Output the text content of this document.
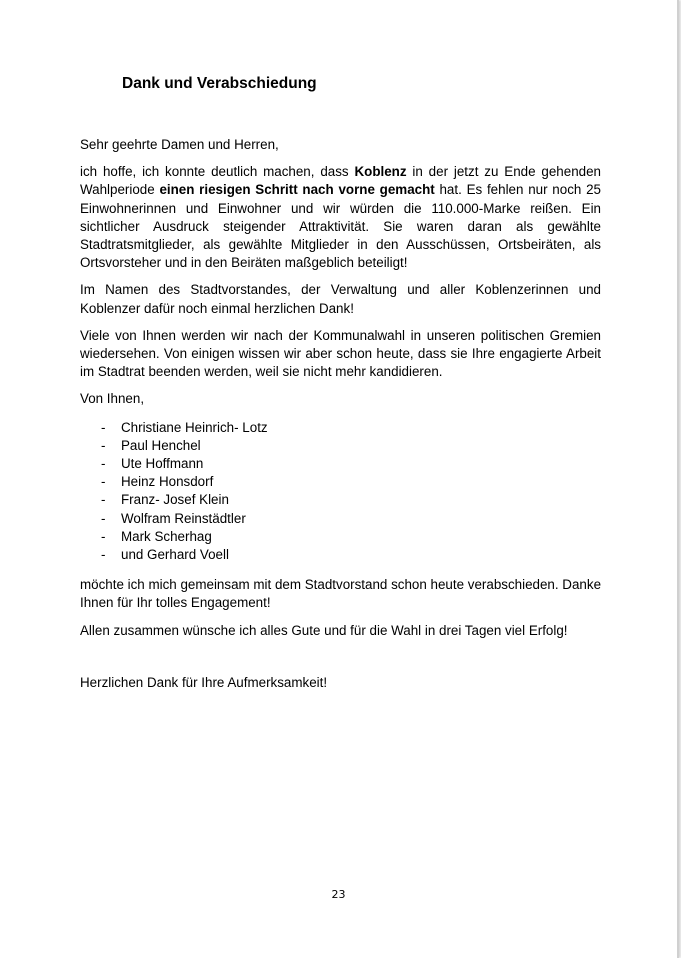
Dank und Verabschiedung

Sehr geehrte Damen und Herren,

ich hoffe, ich konnte deutlich machen, dass Koblenz in der jetzt zu Ende gehenden Wahlperiode einen riesigen Schritt nach vorne gemacht hat. Es fehlen nur noch 25 Einwohnerinnen und Einwohner und wir würden die 110.000-Marke reißen. Ein sichtlicher Ausdruck steigender Attraktivität. Sie waren daran als gewählte Stadtratsmitglieder, als gewählte Mitglieder in den Ausschüssen, Ortsbeiräten, als Ortsvorsteher und in den Beiräten maßgeblich beteiligt!

Im Namen des Stadtvorstandes, der Verwaltung und aller Koblenzerinnen und Koblenzer dafür noch einmal herzlichen Dank!

Viele von Ihnen werden wir nach der Kommunalwahl in unseren politischen Gremien wiedersehen. Von einigen wissen wir aber schon heute, dass sie Ihre engagierte Arbeit im Stadtrat beenden werden, weil sie nicht mehr kandidieren.

Von Ihnen,

- Christiane Heinrich- Lotz
- Paul Henchel
- Ute Hoffmann
- Heinz Honsdorf
- Franz- Josef Klein
- Wolfram Reinstädtler
- Mark Scherhag
- und Gerhard Voell

möchte ich mich gemeinsam mit dem Stadtvorstand schon heute verabschieden. Danke Ihnen für Ihr tolles Engagement!

Allen zusammen wünsche ich alles Gute und für die Wahl in drei Tagen viel Erfolg!

Herzlichen Dank für Ihre Aufmerksamkeit!

23
